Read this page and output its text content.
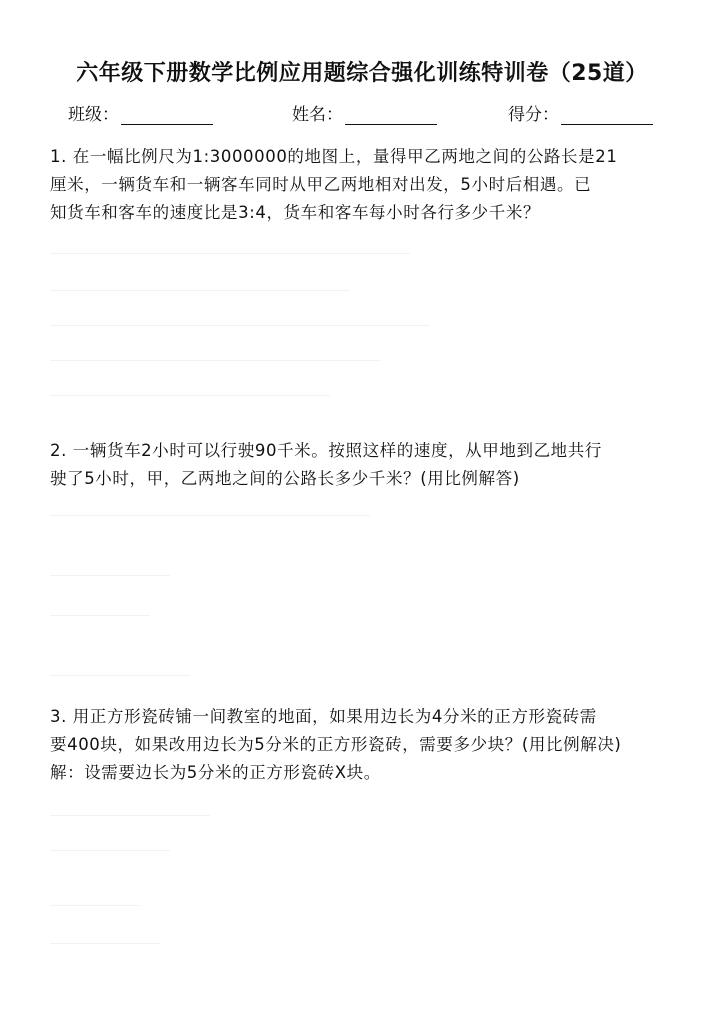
六年级下册数学比例应用题综合强化训练特训卷（25道）
班级：	姓名：	得分：
1. 在一幅比例尺为1:3000000的地图上，量得甲乙两地之间的公路长是21
厘米，一辆货车和一辆客车同时从甲乙两地相对出发，5小时后相遇。已
知货车和客车的速度比是3:4，货车和客车每小时各行多少千米？
2. 一辆货车2小时可以行驶90千米。按照这样的速度，从甲地到乙地共行
驶了5小时，甲，乙两地之间的公路长多少千米？(用比例解答)
3. 用正方形瓷砖铺一间教室的地面，如果用边长为4分米的正方形瓷砖需
要400块，如果改用边长为5分米的正方形瓷砖，需要多少块？(用比例解决)
解：设需要边长为5分米的正方形瓷砖X块。
